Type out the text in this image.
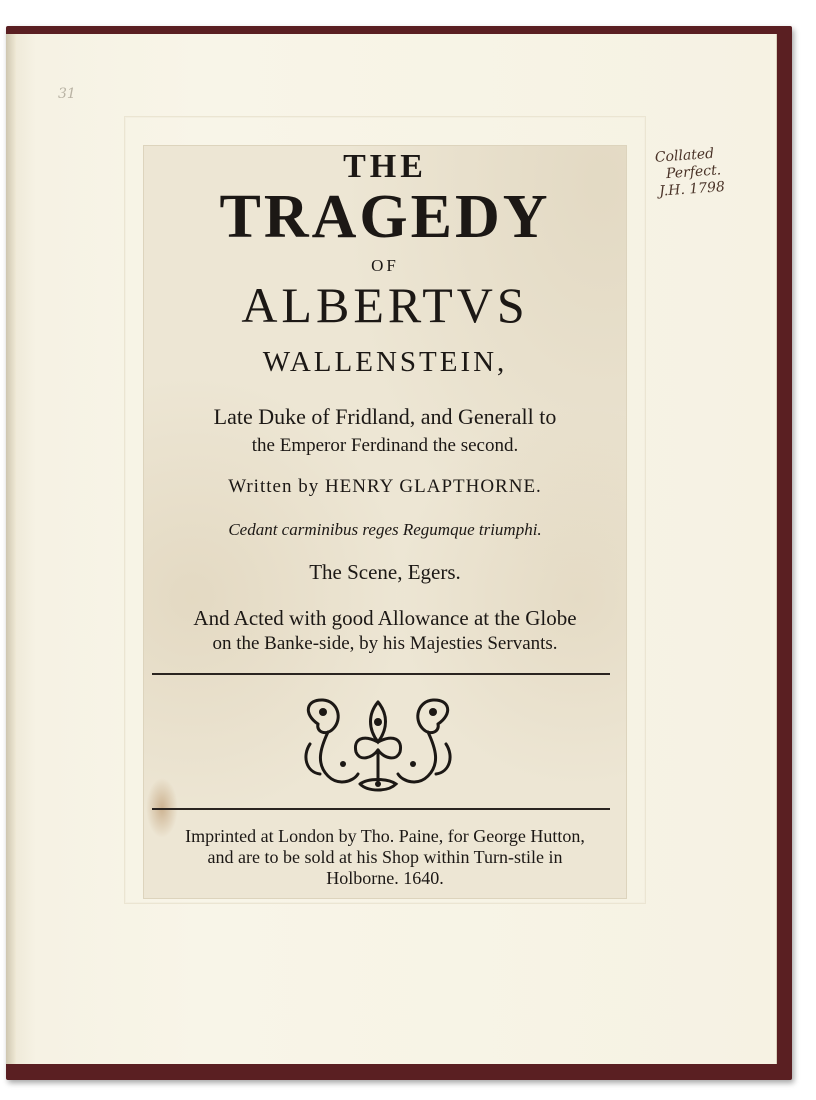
31
Collated
Perfect.
J.H. 1798
THE
TRAGEDY
OF
ALBERTVS
WALLENSTEIN,
Late Duke of Fridland, and Generall to
the Emperor Ferdinand the second.
Written by HENRY GLAPTHORNE.
Cedant carminibus reges Regumque triumphi.
The Scene, Egers.
And Acted with good Allowance at the Globe
on the Banke-side, by his Majesties Servants.
Imprinted at London by Tho. Paine, for George Hutton,
and are to be sold at his Shop within Turn-stile in
Holborne. 1640.
